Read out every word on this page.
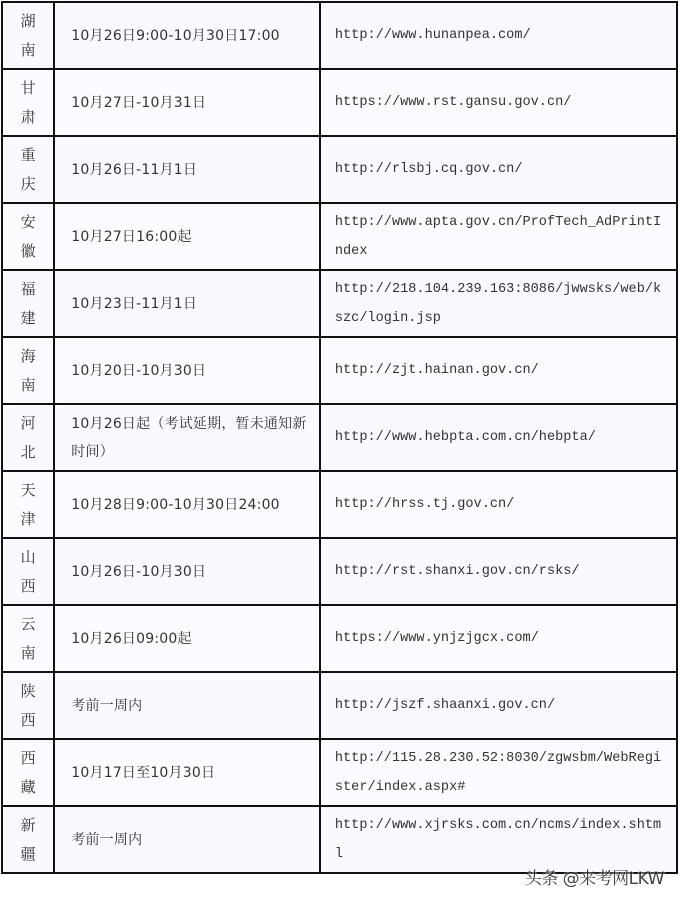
湖
南	10月26日9:00-10月30日17:00	http://www.hunanpea.com/

甘
肃	10月27日-10月31日	https://www.rst.gansu.gov.cn/

重
庆	10月26日-11月1日	http://rlsbj.cq.gov.cn/

安
徽	10月27日16:00起	http://www.apta.gov.cn/ProfTech_AdPrintIndex

福
建	10月23日-11月1日	http://218.104.239.163:8086/jwwsks/web/kszc/login.jsp

海
南	10月20日-10月30日	http://zjt.hainan.gov.cn/

河
北	10月26日起（考试延期，暂未通知新时间）	http://www.hebpta.com.cn/hebpta/

天
津	10月28日9:00-10月30日24:00	http://hrss.tj.gov.cn/

山
西	10月26日-10月30日	http://rst.shanxi.gov.cn/rsks/

云
南	10月26日09:00起	https://www.ynjzjgcx.com/

陕
西	考前一周内	http://jszf.shaanxi.gov.cn/

西
藏	10月17日至10月30日	http://115.28.230.52:8030/zgwsbm/WebRegister/index.aspx#

新
疆	考前一周内	http://www.xjrsks.com.cn/ncms/index.shtml
头条 @来考网LKW
